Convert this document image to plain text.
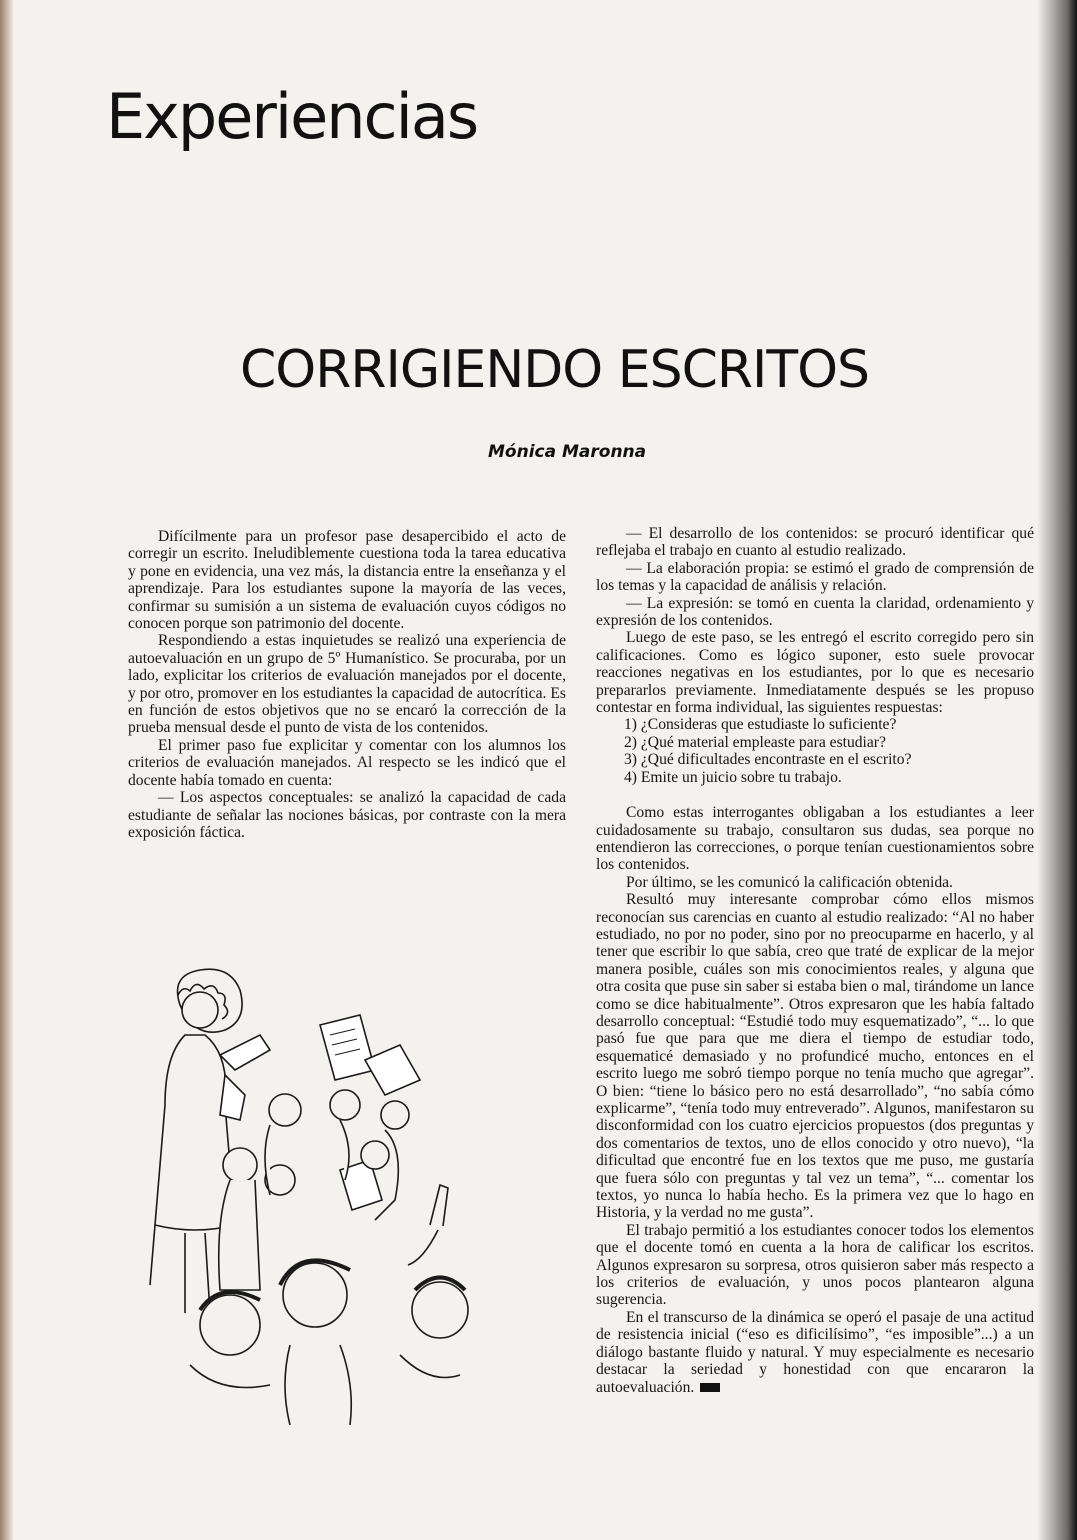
Experiencias
CORRIGIENDO ESCRITOS
Mónica Maronna

Difícilmente para un profesor pase desapercibido el acto de corregir un escrito. Ineludiblemente cuestiona toda la tarea educativa y pone en evidencia, una vez más, la distancia entre la enseñanza y el aprendizaje. Para los estudiantes supone la mayoría de las veces, confirmar su sumisión a un sistema de evaluación cuyos códigos no conocen porque son patrimonio del docente.

Respondiendo a estas inquietudes se realizó una experiencia de autoevaluación en un grupo de 5º Humanístico. Se procuraba, por un lado, explicitar los criterios de evaluación manejados por el docente, y por otro, promover en los estudiantes la capacidad de autocrítica. Es en función de estos objetivos que no se encaró la corrección de la prueba mensual desde el punto de vista de los contenidos.

El primer paso fue explicitar y comentar con los alumnos los criterios de evaluación manejados. Al respecto se les indicó que el docente había tomado en cuenta:

— Los aspectos conceptuales: se analizó la capacidad de cada estudiante de señalar las nociones básicas, por contraste con la mera exposición fáctica.

— El desarrollo de los contenidos: se procuró identificar qué reflejaba el trabajo en cuanto al estudio realizado.

— La elaboración propia: se estimó el grado de comprensión de los temas y la capacidad de análisis y relación.

— La expresión: se tomó en cuenta la claridad, ordenamiento y expresión de los contenidos.

Luego de este paso, se les entregó el escrito corregido pero sin calificaciones. Como es lógico suponer, esto suele provocar reacciones negativas en los estudiantes, por lo que es necesario prepararlos previamente. Inmediatamente después se les propuso contestar en forma individual, las siguientes respuestas:

1) ¿Consideras que estudiaste lo suficiente?

2) ¿Qué material empleaste para estudiar?

3) ¿Qué dificultades encontraste en el escrito?

4) Emite un juicio sobre tu trabajo.

Como estas interrogantes obligaban a los estudiantes a leer cuidadosamente su trabajo, consultaron sus dudas, sea porque no entendieron las correcciones, o porque tenían cuestionamientos sobre los contenidos.

Por último, se les comunicó la calificación obtenida.

Resultó muy interesante comprobar cómo ellos mismos reconocían sus carencias en cuanto al estudio realizado: “Al no haber estudiado, no por no poder, sino por no preocuparme en hacerlo, y al tener que escribir lo que sabía, creo que traté de explicar de la mejor manera posible, cuáles son mis conocimientos reales, y alguna que otra cosita que puse sin saber si estaba bien o mal, tirándome un lance como se dice habitualmente”. Otros expresaron que les había faltado desarrollo conceptual: “Estudié todo muy esquematizado”, “... lo que pasó fue que para que me diera el tiempo de estudiar todo, esquematicé demasiado y no profundicé mucho, entonces en el escrito luego me sobró tiempo porque no tenía mucho que agregar”. O bien: “tiene lo básico pero no está desarrollado”, “no sabía cómo explicarme”, “tenía todo muy entreverado”. Algunos, manifestaron su disconformidad con los cuatro ejercicios propuestos (dos preguntas y dos comentarios de textos, uno de ellos conocido y otro nuevo), “la dificultad que encontré fue en los textos que me puso, me gustaría que fuera sólo con preguntas y tal vez un tema”, “... comentar los textos, yo nunca lo había hecho. Es la primera vez que lo hago en Historia, y la verdad no me gusta”.

El trabajo permitió a los estudiantes conocer todos los elementos que el docente tomó en cuenta a la hora de calificar los escritos. Algunos expresaron su sorpresa, otros quisieron saber más respecto a los criterios de evaluación, y unos pocos plantearon alguna sugerencia.

En el transcurso de la dinámica se operó el pasaje de una actitud de resistencia inicial (“eso es dificilísimo”, “es imposible”...) a un diálogo bastante fluido y natural. Y muy especialmente es necesario destacar la seriedad y honestidad con que encararon la autoevaluación.
